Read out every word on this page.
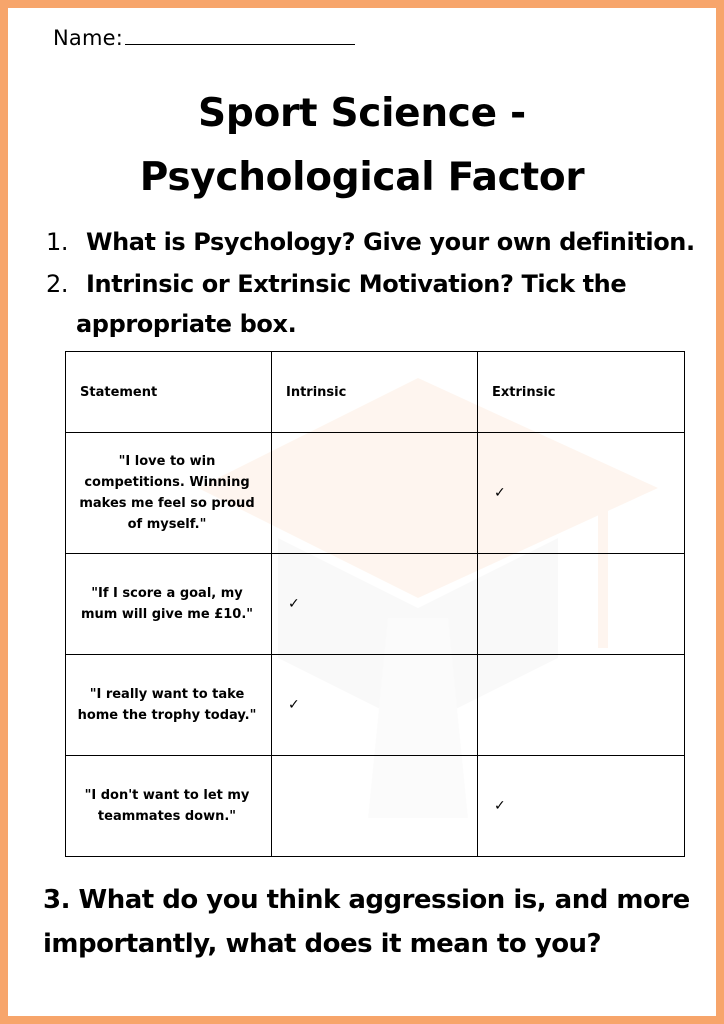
Name:
Sport Science -
Psychological Factor
1. What is Psychology? Give your own definition.
2. Intrinsic or Extrinsic Motivation? Tick the
appropriate box.
Statement	Intrinsic	Extrinsic

"I love to win competitions. Winning makes me feel so proud of myself."		✓

"If I score a goal, my mum will give me £10."	✓	

"I really want to take home the trophy today."	✓	

"I don't want to let my teammates down."		✓
3. What do you think aggression is, and more importantly, what does it mean to you?
